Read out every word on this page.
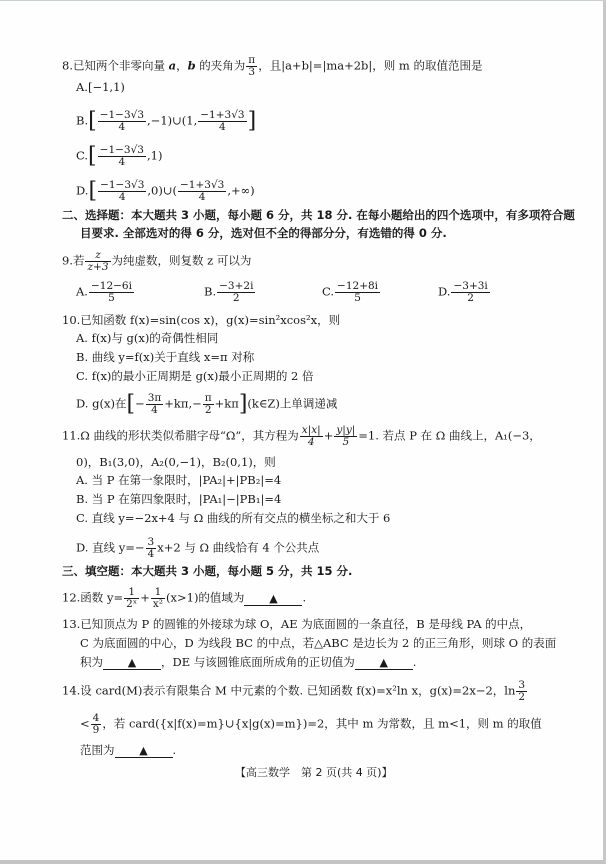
8.已知两个非零向量 a，b 的夹角为 $\frac{\pi}{3}$ ，且|a+b|=|ma+2b|，则 m 的取值范围是
A.[−1,1)
$B.[ \frac{-1-3√3}{4}$ ,−1)∪(1, $\frac{-1+3√3}{4}$ ]
$C.[ \frac{-1-3√3}{4} ,1)$
$D.[ \frac{-1-3√3}{4}$ ,0)∪( $\frac{-1+3√3}{4}$ ,+∞)
二、选择题：本大题共 3 小题，每小题 6 分，共 18 分. 在每小题给出的四个选项中，有多项符合题
目要求. 全部选对的得 6 分，选对但不全的得部分分，有选错的得 0 分.
9.若 $\frac{z}{z+3}$ 为纯虚数，则复数 z 可以为
A. $\frac{-12-6i}{5}$	B. $\frac{-3+2i}{2}$	C. $\frac{-12+8i}{5}$	D. $\frac{-3+3i}{2}$
10.已知函数 f(x)=sin(cos x)，g(x)=sin²xcos²x，则
A. f(x)与 g(x)的奇偶性相同
B. 曲线 y=f(x)关于直线 x=π 对称
C. f(x)的最小正周期是 g(x)最小正周期的 2 倍
D. g(x)在[− $\frac{3\pi}{4} +k\pi,- \frac{\pi}{2}$ +kπ](k∈Z)上单调递减
11.Ω 曲线的形状类似希腊字母“Ω”，其方程为 $\frac{x|x|}{4} + \frac{y|y|}{5} =1$. 若点 P 在 Ω 曲线上，A₁(−3，
0)，B₁(3,0)，A₂(0,−1)，B₂(0,1)，则
A. 当 P 在第一象限时，|PA₂|+|PB₂|=4
B. 当 P 在第四象限时，|PA₁|−|PB₁|=4
C. 直线 y=−2x+4 与 Ω 曲线的所有交点的横坐标之和大于 6
D. 直线 $y=- \frac{3}{4} x+2$ 与 Ω 曲线恰有 4 个公共点
三、填空题：本大题共 3 小题，每小题 5 分，共 15 分.
12.函数 $y= \frac{1}{\text{2ˣ}} + \frac{1}{\text{x²}} (x>1)$的值域为 ▲ .
13.已知顶点为 P 的圆锥的外接球为球 O，AE 为底面圆的一条直径，B 是母线 PA 的中点，
C 为底面圆的中心，D 为线段 BC 的中点，若△ABC 是边长为 2 的正三角形，则球 O 的表面
积为 ▲ ，DE 与该圆锥底面所成角的正切值为 ▲ .
14.设 card(M)表示有限集合 M 中元素的个数. 已知函数 f(x)=x²ln x，g(x)=2x−2，$\ln \frac{3}{2}$
< $\frac{4}{9}$ ，若 card({x|f(x)=m}∪{x|g(x)=m})=2，其中 m 为常数，且 m<1，则 m 的取值
范围为 ▲ .
【高三数学　第 2 页(共 4 页)】
